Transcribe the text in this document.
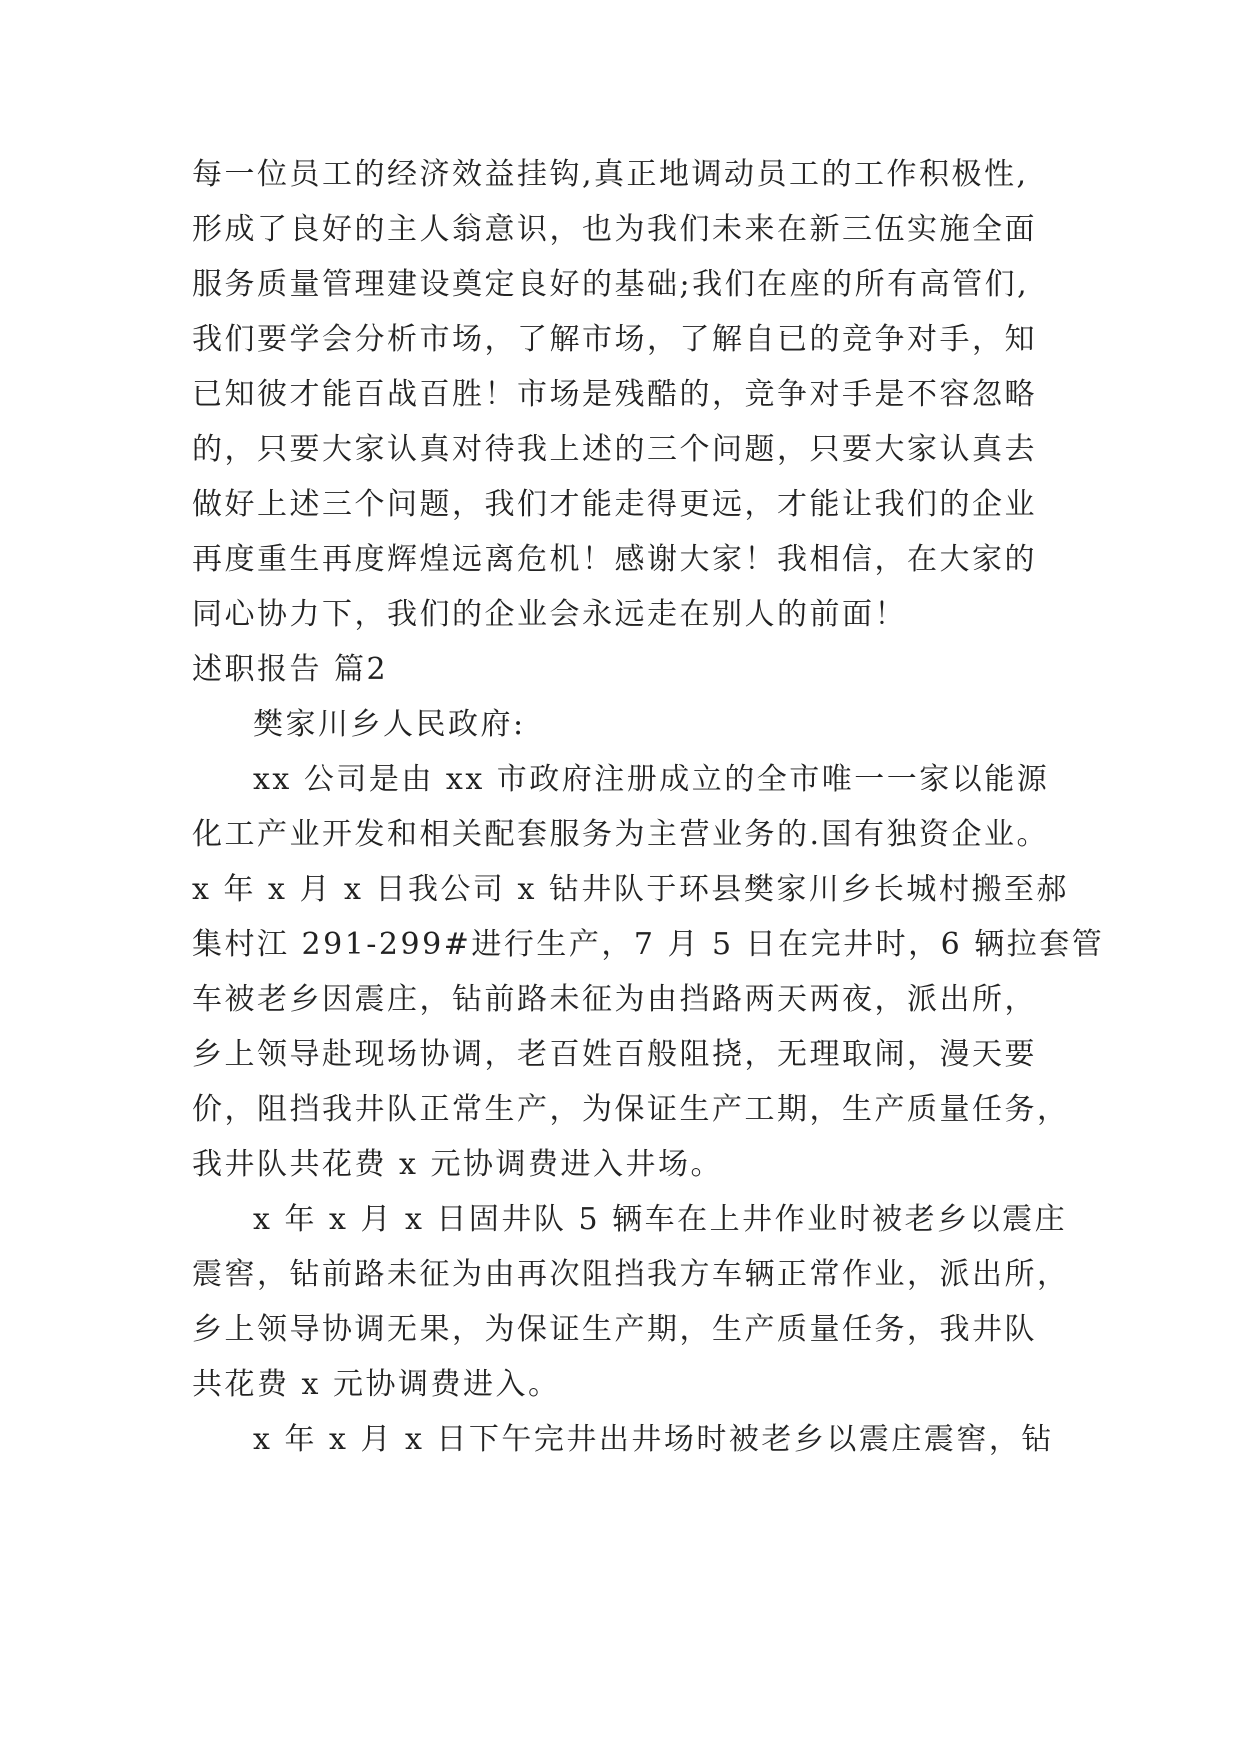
每一位员工的经济效益挂钩,真正地调动员工的工作积极性,
形成了良好的主人翁意识，也为我们未来在新三伍实施全面
服务质量管理建设奠定良好的基础;我们在座的所有高管们,
我们要学会分析市场，了解市场，了解自已的竞争对手，知
已知彼才能百战百胜！市场是残酷的，竞争对手是不容忽略
的，只要大家认真对待我上述的三个问题，只要大家认真去
做好上述三个问题，我们才能走得更远，才能让我们的企业
再度重生再度辉煌远离危机！感谢大家！我相信，在大家的
同心协力下，我们的企业会永远走在别人的前面！
述职报告 篇2
樊家川乡人民政府:
xx 公司是由 xx 市政府注册成立的全市唯一一家以能源
化工产业开发和相关配套服务为主营业务的.国有独资企业。
x 年 x 月 x 日我公司 x 钻井队于环县樊家川乡长城村搬至郝
集村江 291-299#进行生产，7 月 5 日在完井时，6 辆拉套管
车被老乡因震庄，钻前路未征为由挡路两天两夜，派出所，
乡上领导赴现场协调，老百姓百般阻挠，无理取闹，漫天要
价，阻挡我井队正常生产，为保证生产工期，生产质量任务，
我井队共花费 x 元协调费进入井场。
x 年 x 月 x 日固井队 5 辆车在上井作业时被老乡以震庄
震窖，钻前路未征为由再次阻挡我方车辆正常作业，派出所，
乡上领导协调无果，为保证生产期，生产质量任务，我井队
共花费 x 元协调费进入。
x 年 x 月 x 日下午完井出井场时被老乡以震庄震窖，钻
